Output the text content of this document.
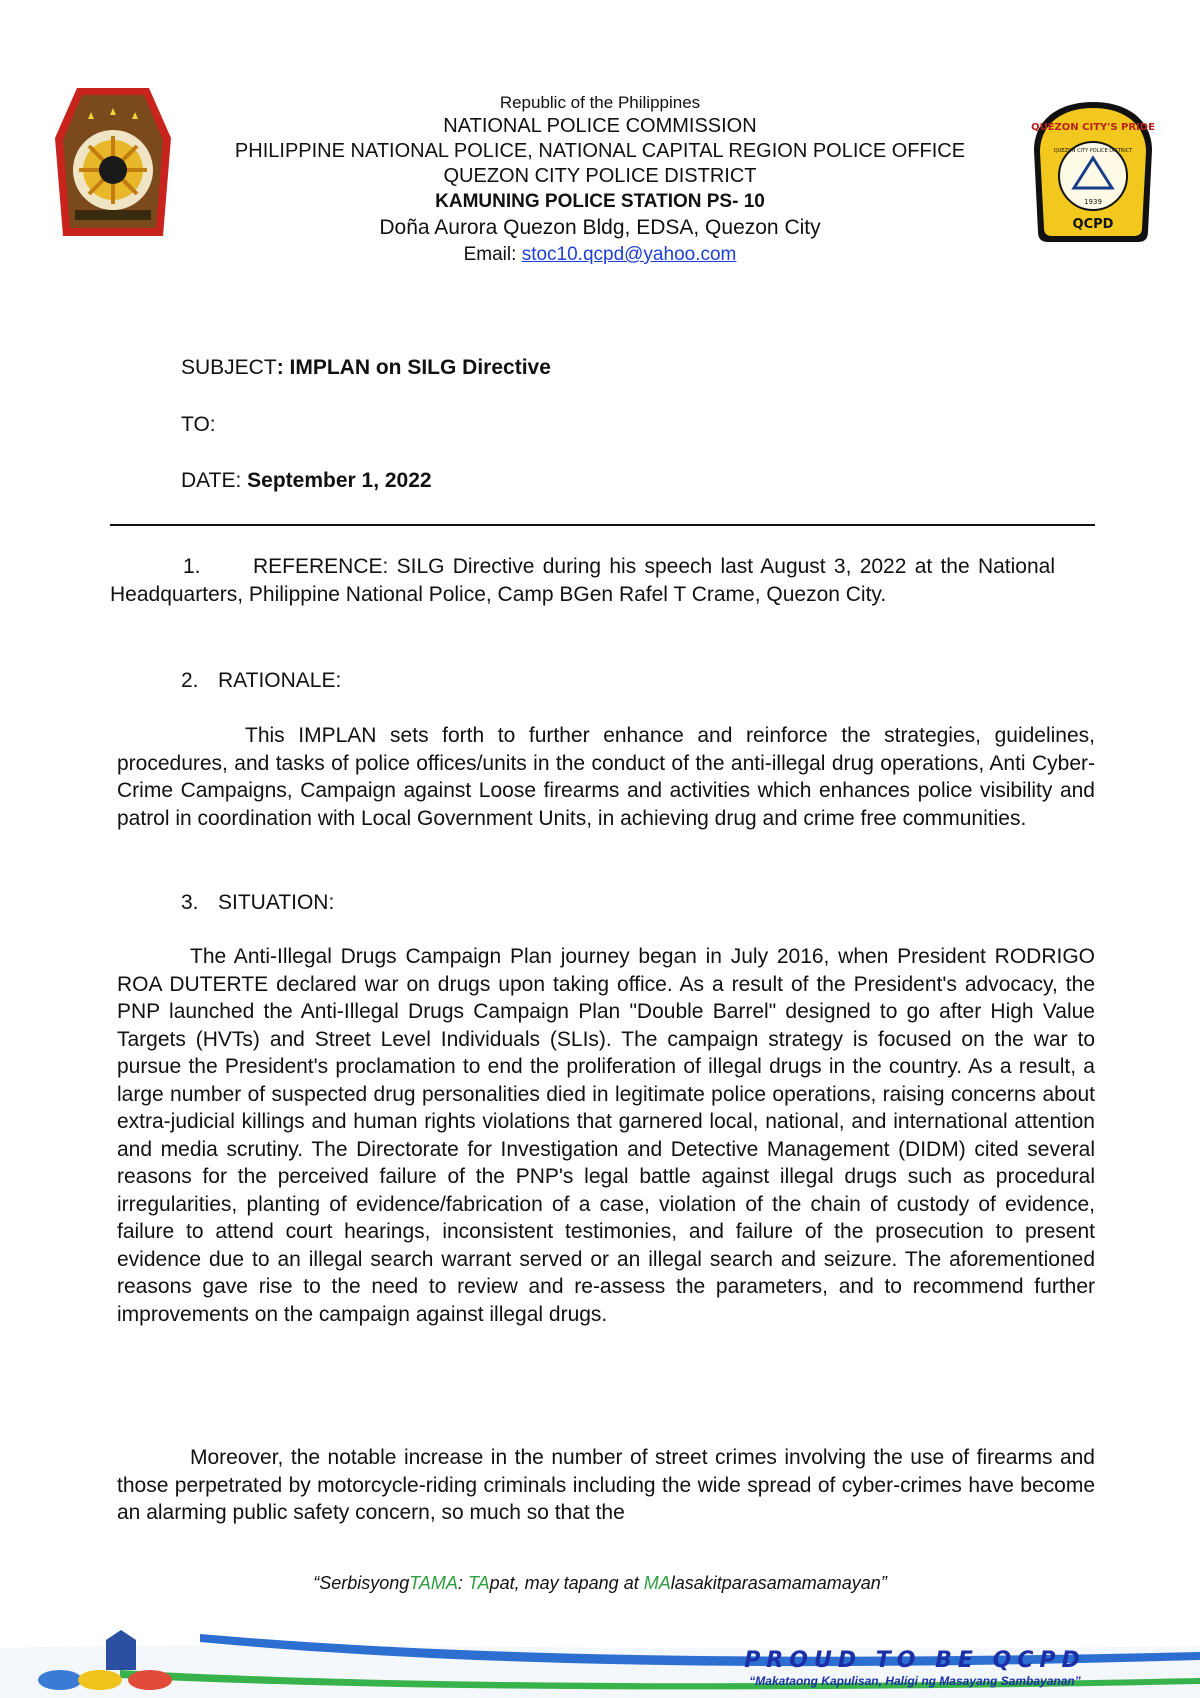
QUEZON CITY'S PRIDE
QUEZON CITY POLICE DISTRICT
1939
QCPD
Republic of the Philippines
NATIONAL POLICE COMMISSION
PHILIPPINE NATIONAL POLICE, NATIONAL CAPITAL REGION POLICE OFFICE
QUEZON CITY POLICE DISTRICT
KAMUNING POLICE STATION PS- 10
Doña Aurora Quezon Bldg, EDSA, Quezon City
Email: stoc10.qcpd@yahoo.com
SUBJECT: IMPLAN on SILG Directive
TO:
DATE: September 1, 2022
1. REFERENCE: SILG Directive during his speech last August 3, 2022 at the National Headquarters, Philippine National Police, Camp BGen Rafel T Crame, Quezon City.
2. RATIONALE:
This IMPLAN sets forth to further enhance and reinforce the strategies, guidelines, procedures, and tasks of police offices/units in the conduct of the anti-illegal drug operations, Anti Cyber-Crime Campaigns, Campaign against Loose firearms and activities which enhances police visibility and patrol in coordination with Local Government Units, in achieving drug and crime free communities.
3. SITUATION:
The Anti-Illegal Drugs Campaign Plan journey began in July 2016, when President RODRIGO ROA DUTERTE declared war on drugs upon taking office. As a result of the President's advocacy, the PNP launched the Anti-Illegal Drugs Campaign Plan "Double Barrel" designed to go after High Value Targets (HVTs) and Street Level Individuals (SLIs). The campaign strategy is focused on the war to pursue the President's proclamation to end the proliferation of illegal drugs in the country. As a result, a large number of suspected drug personalities died in legitimate police operations, raising concerns about extra-judicial killings and human rights violations that garnered local, national, and international attention and media scrutiny. The Directorate for Investigation and Detective Management (DIDM) cited several reasons for the perceived failure of the PNP's legal battle against illegal drugs such as procedural irregularities, planting of evidence/fabrication of a case, violation of the chain of custody of evidence, failure to attend court hearings, inconsistent testimonies, and failure of the prosecution to present evidence due to an illegal search warrant served or an illegal search and seizure. The aforementioned reasons gave rise to the need to review and re-assess the parameters, and to recommend further improvements on the campaign against illegal drugs.
Moreover, the notable increase in the number of street crimes involving the use of firearms and those perpetrated by motorcycle-riding criminals including the wide spread of cyber-crimes have become an alarming public safety concern, so much so that the
“SerbisyongTAMA: TApat, may tapang at MAlasakitparasamamamayan”
PROUD TO BE QCPD
“Makataong Kapulisan, Haligi ng Masayang Sambayanan”
